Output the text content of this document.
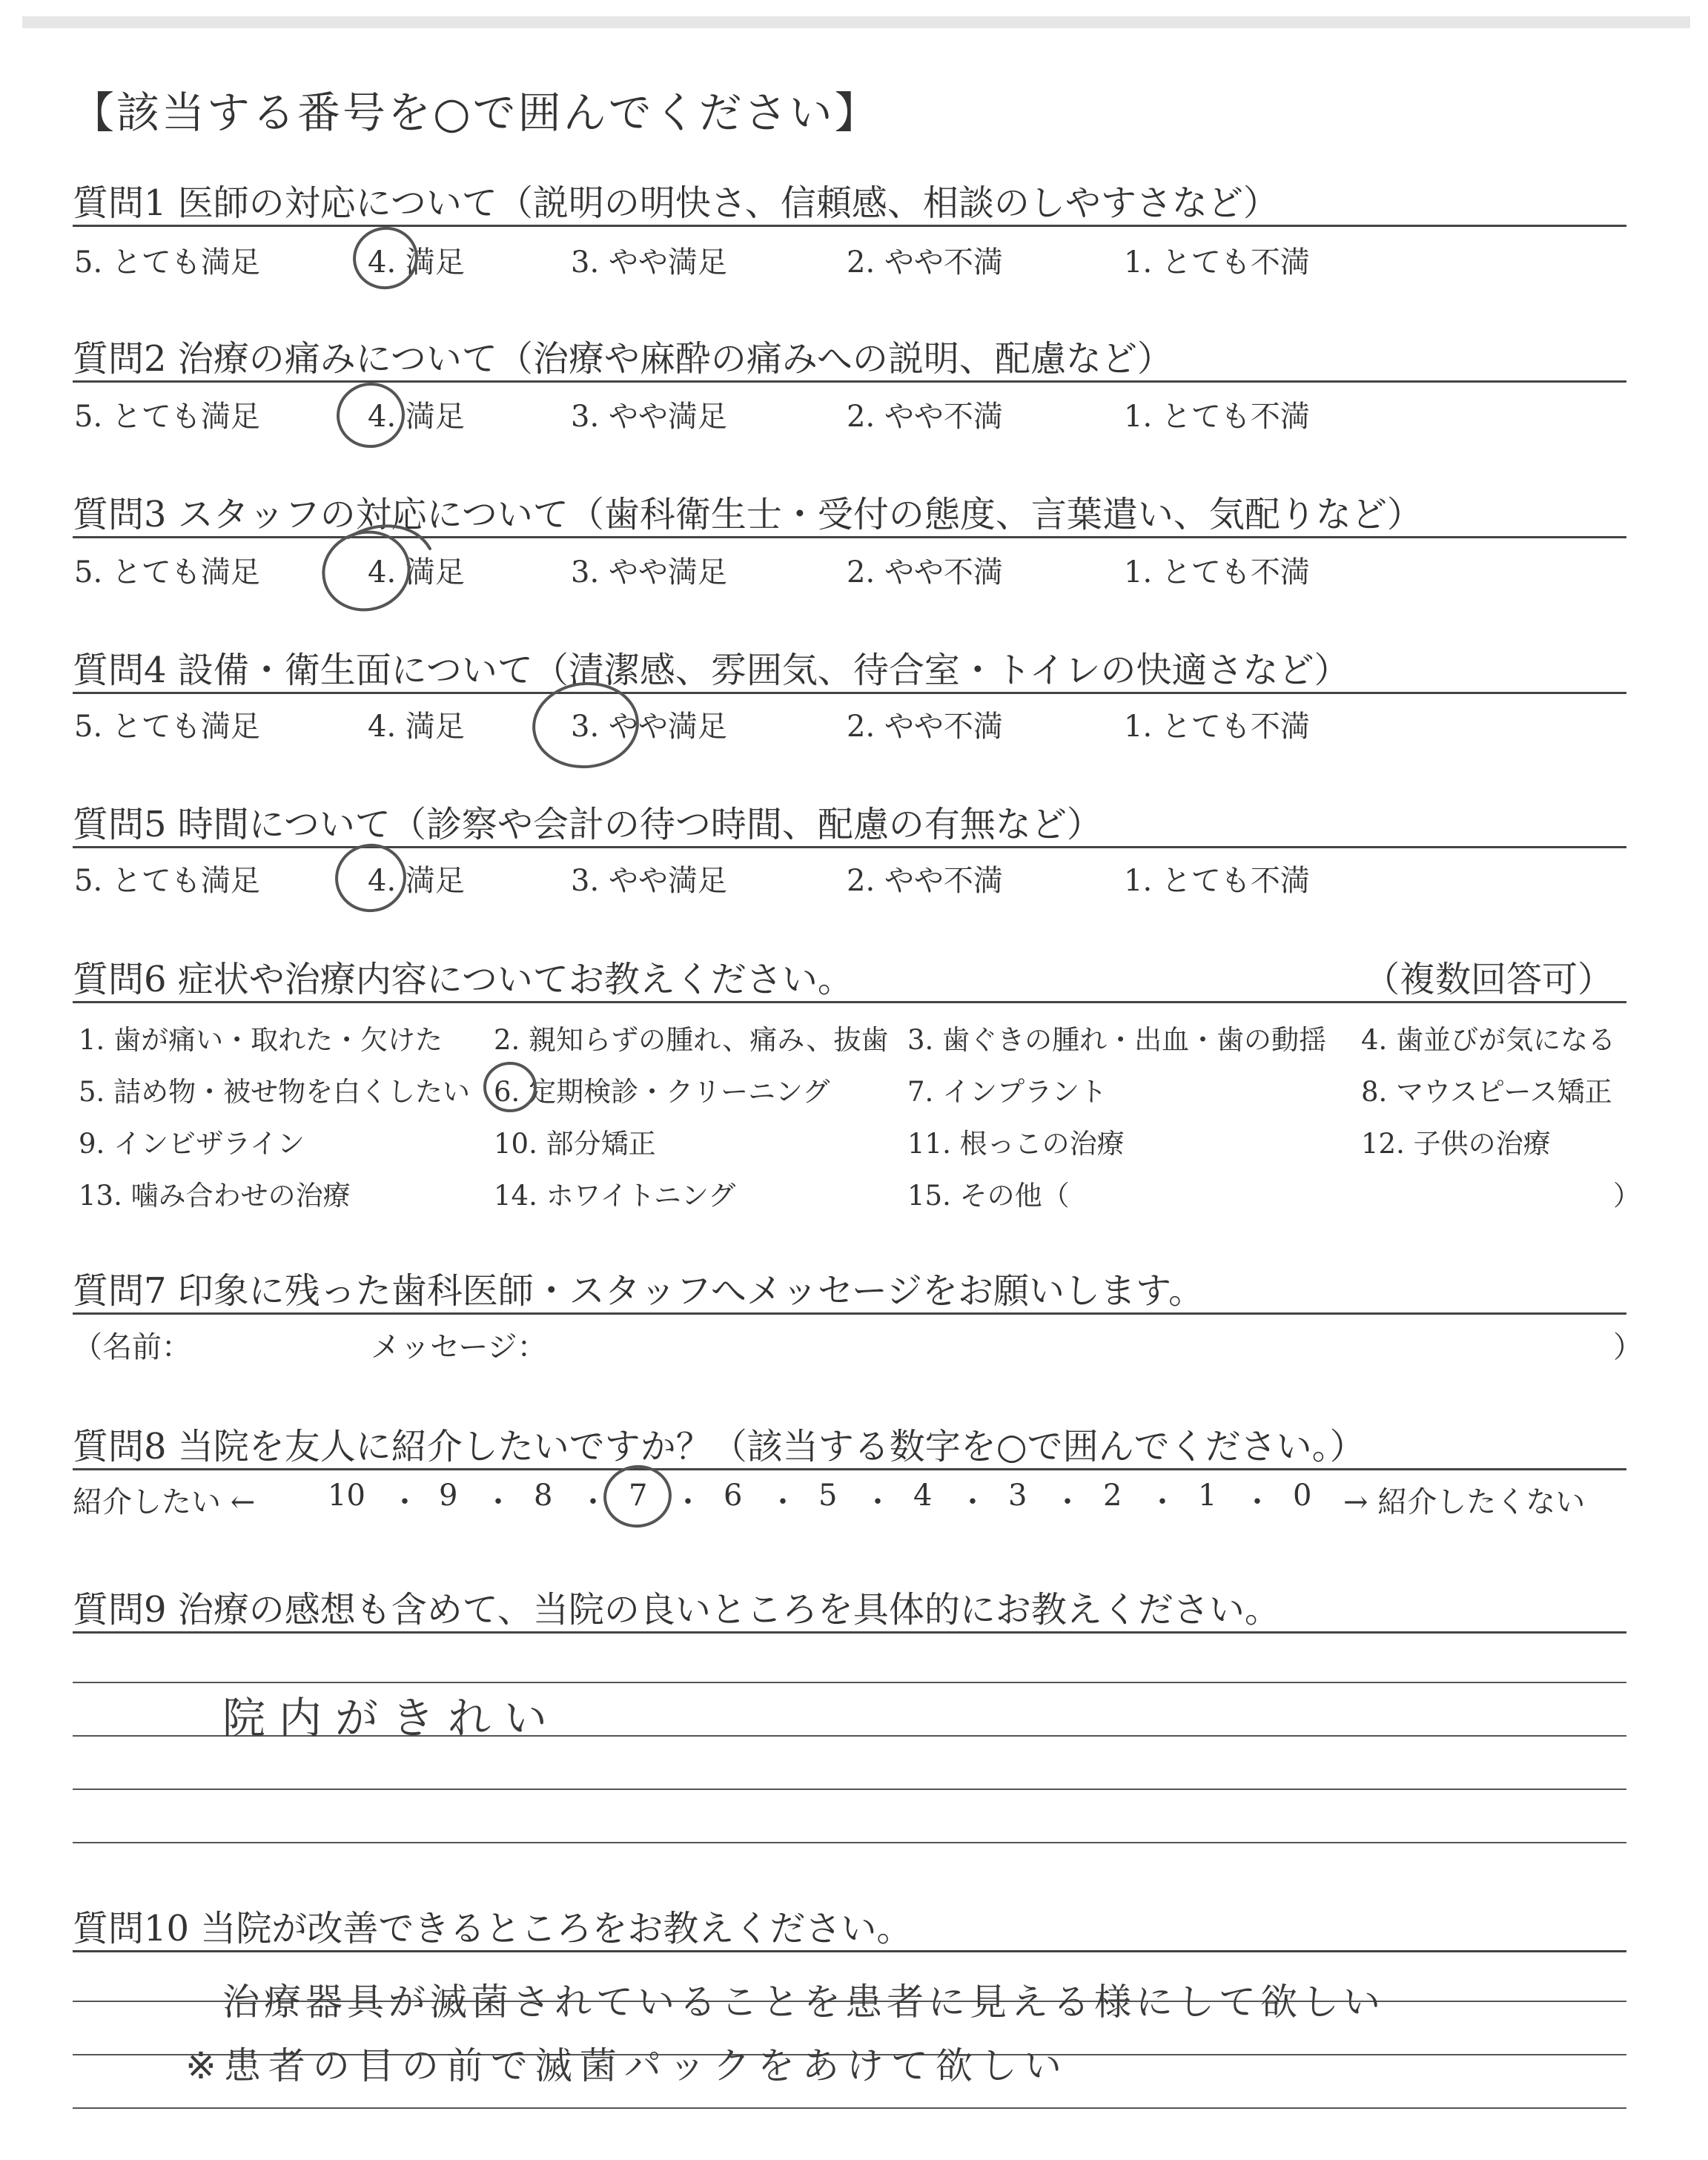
【該当する番号を○で囲んでください】
質問1 医師の対応について（説明の明快さ、信頼感、相談のしやすさなど）
5. とても満足	4. 満足	3. やや満足	2. やや不満	1. とても不満
質問2 治療の痛みについて（治療や麻酔の痛みへの説明、配慮など）
5. とても満足	4. 満足	3. やや満足	2. やや不満	1. とても不満
質問3 スタッフの対応について（歯科衛生士・受付の態度、言葉遣い、気配りなど）
5. とても満足	4. 満足	3. やや満足	2. やや不満	1. とても不満
質問4 設備・衛生面について（清潔感、雰囲気、待合室・トイレの快適さなど）
5. とても満足	4. 満足	3. やや満足	2. やや不満	1. とても不満
質問5 時間について（診察や会計の待つ時間、配慮の有無など）
5. とても満足	4. 満足	3. やや満足	2. やや不満	1. とても不満
質問6 症状や治療内容についてお教えください。	（複数回答可）
1. 歯が痛い・取れた・欠けた 2. 親知らずの腫れ、痛み、抜歯 3. 歯ぐきの腫れ・出血・歯の動揺 4. 歯並びが気になる
5. 詰め物・被せ物を白くしたい 6. 定期検診・クリーニング	7. インプラント	8. マウスピース矯正
9. インビザライン	10. 部分矯正	11. 根っこの治療	12. 子供の治療
13. 噛み合わせの治療	14. ホワイトニング	15. その他（	）
質問7 印象に残った歯科医師・スタッフへメッセージをお願いします。
（名前：	メッセージ：	）
質問8 当院を友人に紹介したいですか？（該当する数字を○で囲んでください。）
紹介したい ← 10 ・ 9 ・ 8 ・ 7 ・ 6 ・ 5 ・ 4 ・ 3 ・ 2 ・ 1 ・ 0 → 紹介したくない
質問9 治療の感想も含めて、当院の良いところを具体的にお教えください。
院内がきれい
質問10 当院が改善できるところをお教えください。
治療器具が滅菌されていることを患者に見える様にして欲しい
※患者の目の前で滅菌パックをあけて欲しい
